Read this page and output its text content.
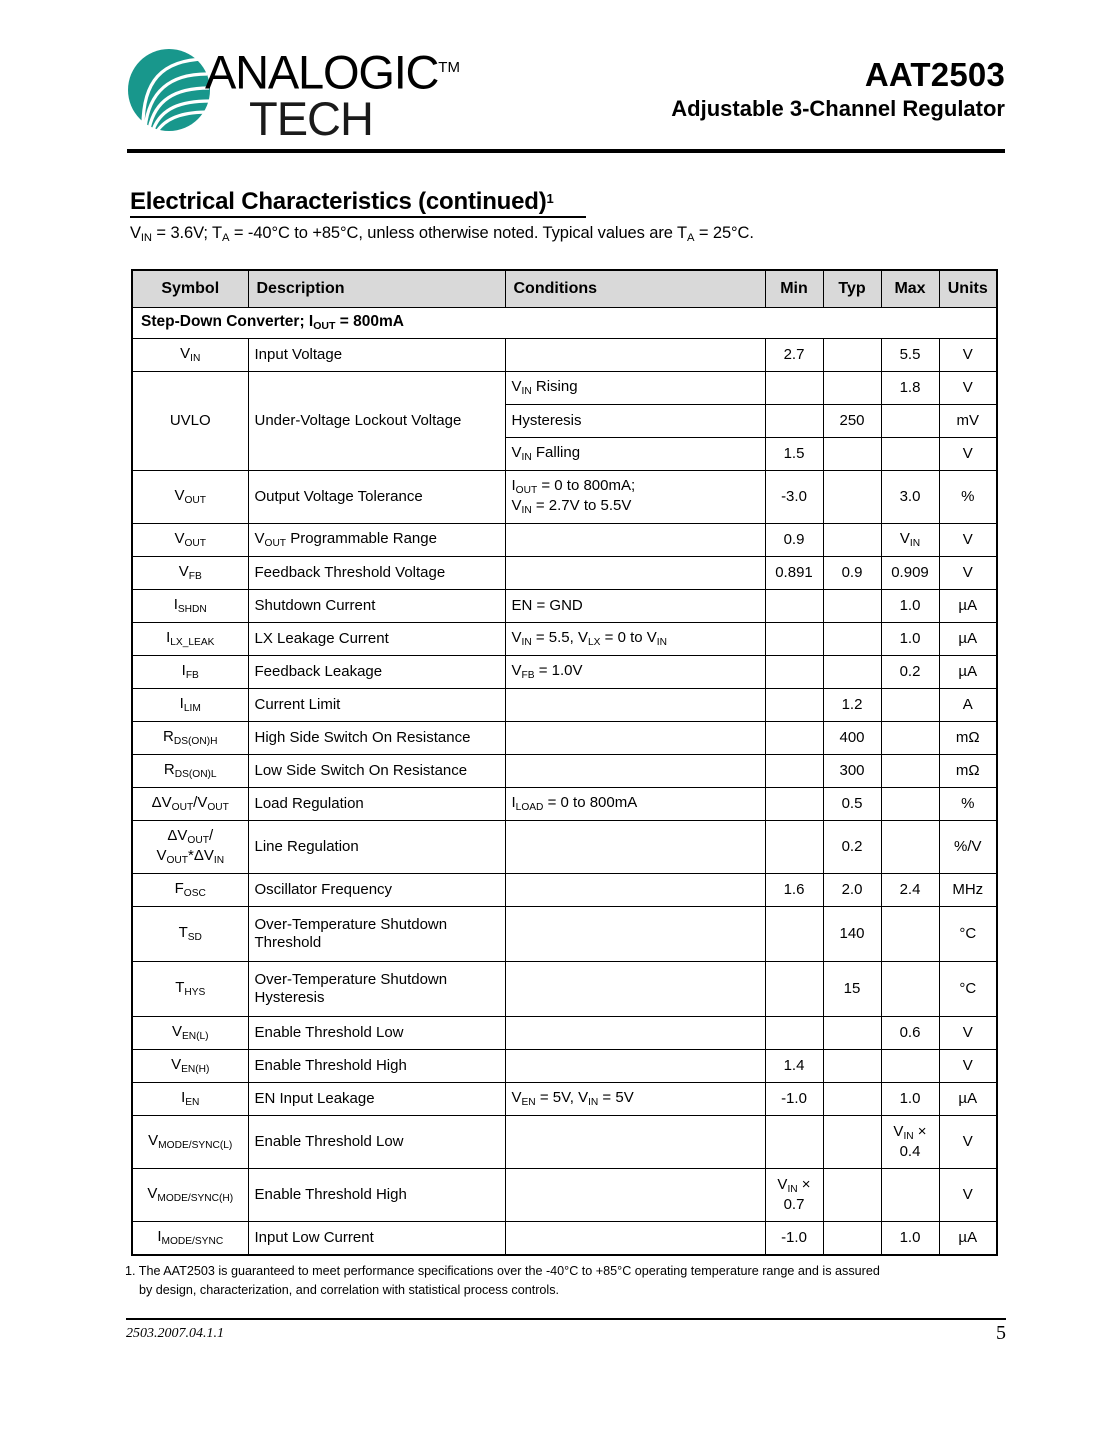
ANALOGIC™
TECH
AAT2503
Adjustable 3-Channel Regulator
Electrical Characteristics (continued)$^1$
$V_{IN} = 3.6V$; $T_A = -40^\circ C$ to +85°C, unless otherwise noted. Typical values are $T_A = 25^\circ C$.
Symbol	Description	Conditions	Min	Typ	Max	Units
Step-Down Converter; $I_{OUT} = 800mA$						
$V_{IN}$	Input Voltage		2.7		5.5	V
UVLO	Under-Voltage Lockout Voltage	$V_{IN}$ Rising			1.8	V
		Hysteresis		250		mV
		$V_{IN}$ Falling	1.5			V
$V_{OUT}$	Output Voltage Tolerance	$I_{OUT} = 0$ to 800mA;
$V_{IN} = 2.7V$ to 5.5V	-3.0		3.0	%
$V_{OUT}$	$V_{OUT}$ Programmable Range		0.9		$V_{IN}$	V
$V_{FB}$	Feedback Threshold Voltage		0.891	0.9	0.909	V
$I_{SHDN}$	Shutdown Current	EN = GND			1.0	µA
$I_{LX\_LEAK}$	LX Leakage Current	$V_{IN} = 5.5$, $V_{LX} = 0$ to $V_{IN}$			1.0	µA
$I_{FB}$	Feedback Leakage	$V_{FB} = 1.0V$			0.2	µA
$I_{LIM}$	Current Limit			1.2		A
$R_{DS(ON)H}$	High Side Switch On Resistance			400		mΩ
$R_{DS(ON)L}$	Low Side Switch On Resistance			300		mΩ
$\Delta V_{OUT}/V_{OUT}$	Load Regulation	$I_{LOAD} = 0$ to 800mA		0.5		%
$\Delta V_{OUT}/$
$V_{OUT}*\Delta V_{IN}$	Line Regulation			0.2		%/V
$F_{OSC}$	Oscillator Frequency		1.6	2.0	2.4	MHz
$T_{SD}$	Over-Temperature Shutdown
Threshold			140		°C
$T_{HYS}$	Over-Temperature Shutdown
Hysteresis			15		°C
$V_{EN(L)}$	Enable Threshold Low				0.6	V
$V_{EN(H)}$	Enable Threshold High		1.4			V
$I_{EN}$	EN Input Leakage	$V_{EN} = 5V$, $V_{IN} = 5V$	-1.0		1.0	µA
$V_{MODE/SYNC(L)}$	Enable Threshold Low				$V_{IN}$ ×
0.4	V
$V_{MODE/SYNC(H)}$	Enable Threshold High		$V_{IN}$ ×
0.7			V
$I_{MODE/SYNC}$	Input Low Current		-1.0		1.0	µA
1. The AAT2503 is guaranteed to meet performance specifications over the -40°C to +85°C operating temperature range and is assured
by design, characterization, and correlation with statistical process controls.
2503.2007.04.1.1	5
